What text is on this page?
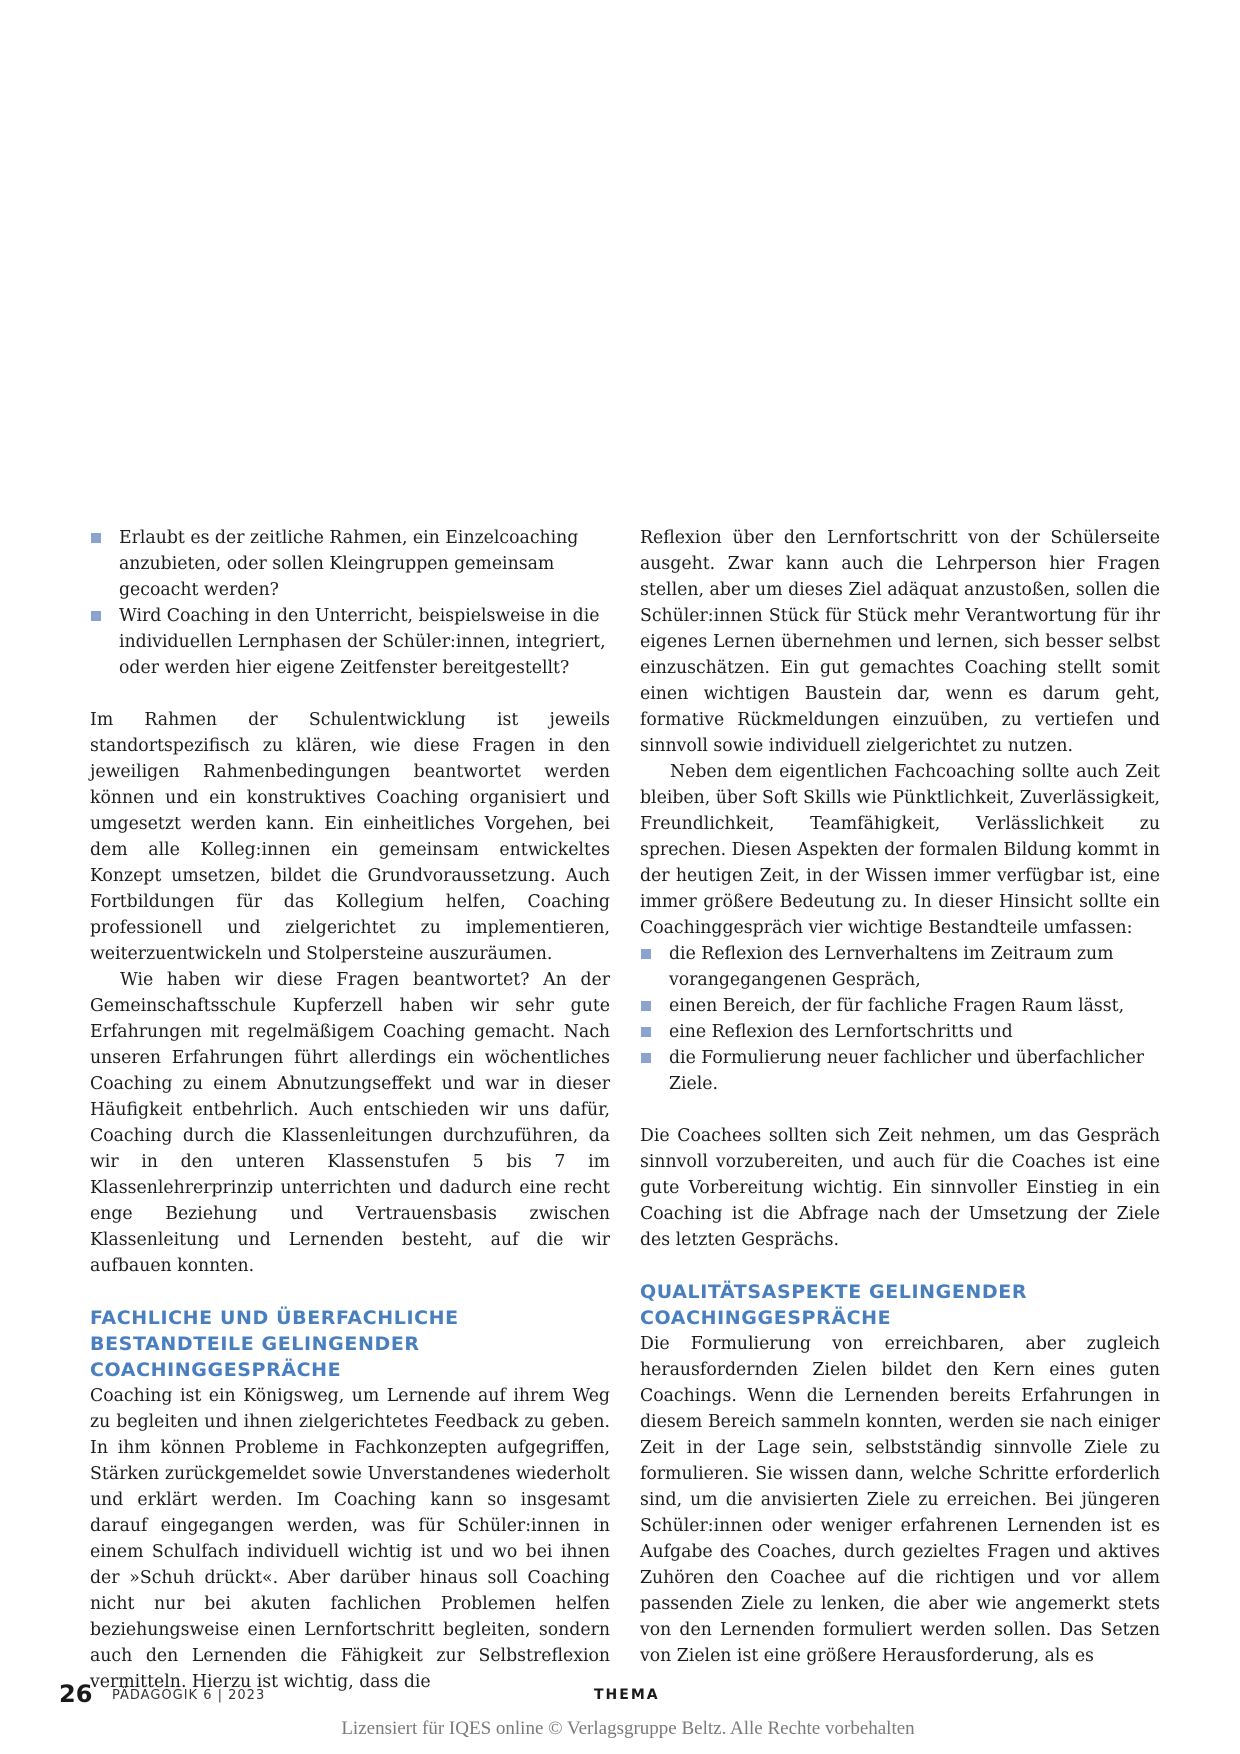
Erlaubt es der zeitliche Rahmen, ein Einzelcoaching anzubieten, oder sollen Kleingruppen gemeinsam gecoacht werden?
Wird Coaching in den Unterricht, beispielsweise in die individuellen Lernphasen der Schüler:innen, integriert, oder werden hier eigene Zeitfenster bereitgestellt?

Im Rahmen der Schulentwicklung ist jeweils standortspezifisch zu klären, wie diese Fragen in den jeweiligen Rahmenbedingungen beantwortet werden können und ein konstruktives Coaching organisiert und umgesetzt werden kann. Ein einheitliches Vorgehen, bei dem alle Kolleg:innen ein gemeinsam entwickeltes Konzept umsetzen, bildet die Grundvoraussetzung. Auch Fortbildungen für das Kollegium helfen, Coaching professionell und zielgerichtet zu implementieren, weiterzuentwickeln und Stolpersteine auszuräumen.

Wie haben wir diese Fragen beantwortet? An der Gemeinschaftsschule Kupferzell haben wir sehr gute Erfahrungen mit regelmäßigem Coaching gemacht. Nach unseren Erfahrungen führt allerdings ein wöchentliches Coaching zu einem Abnutzungseffekt und war in dieser Häufigkeit entbehrlich. Auch entschieden wir uns dafür, Coaching durch die Klassenleitungen durchzuführen, da wir in den unteren Klassenstufen 5 bis 7 im Klassenlehrerprinzip unterrichten und dadurch eine recht enge Beziehung und Vertrauensbasis zwischen Klassenleitung und Lernenden besteht, auf die wir aufbauen konnten.

FACHLICHE UND ÜBERFACHLICHE BESTANDTEILE GELINGENDER COACHINGGESPRÄCHE

Coaching ist ein Königsweg, um Lernende auf ihrem Weg zu begleiten und ihnen zielgerichtetes Feedback zu geben. In ihm können Probleme in Fachkonzepten aufgegriffen, Stärken zurückgemeldet sowie Unverstandenes wiederholt und erklärt werden. Im Coaching kann so insgesamt darauf eingegangen werden, was für Schüler:innen in einem Schulfach individuell wichtig ist und wo bei ihnen der »Schuh drückt«. Aber darüber hinaus soll Coaching nicht nur bei akuten fachlichen Problemen helfen beziehungsweise einen Lernfortschritt begleiten, sondern auch den Lernenden die Fähigkeit zur Selbstreflexion vermitteln. Hierzu ist wichtig, dass die

Reflexion über den Lernfortschritt von der Schülerseite ausgeht. Zwar kann auch die Lehrperson hier Fragen stellen, aber um dieses Ziel adäquat anzustoßen, sollen die Schüler:innen Stück für Stück mehr Verantwortung für ihr eigenes Lernen übernehmen und lernen, sich besser selbst einzuschätzen. Ein gut gemachtes Coaching stellt somit einen wichtigen Baustein dar, wenn es darum geht, formative Rückmeldungen einzuüben, zu vertiefen und sinnvoll sowie individuell zielgerichtet zu nutzen.

Neben dem eigentlichen Fachcoaching sollte auch Zeit bleiben, über Soft Skills wie Pünktlichkeit, Zuverlässigkeit, Freundlichkeit, Teamfähigkeit, Verlässlichkeit zu sprechen. Diesen Aspekten der formalen Bildung kommt in der heutigen Zeit, in der Wissen immer verfügbar ist, eine immer größere Bedeutung zu. In dieser Hinsicht sollte ein Coachinggespräch vier wichtige Bestandteile umfassen:

die Reflexion des Lernverhaltens im Zeitraum zum vorangegangenen Gespräch,
einen Bereich, der für fachliche Fragen Raum lässt,
eine Reflexion des Lernfortschritts und
die Formulierung neuer fachlicher und überfachlicher Ziele.

Die Coachees sollten sich Zeit nehmen, um das Gespräch sinnvoll vorzubereiten, und auch für die Coaches ist eine gute Vorbereitung wichtig. Ein sinnvoller Einstieg in ein Coaching ist die Abfrage nach der Umsetzung der Ziele des letzten Gesprächs.

QUALITÄTSASPEKTE GELINGENDER COACHINGGESPRÄCHE

Die Formulierung von erreichbaren, aber zugleich herausfordernden Zielen bildet den Kern eines guten Coachings. Wenn die Lernenden bereits Erfahrungen in diesem Bereich sammeln konnten, werden sie nach einiger Zeit in der Lage sein, selbstständig sinnvolle Ziele zu formulieren. Sie wissen dann, welche Schritte erforderlich sind, um die anvisierten Ziele zu erreichen. Bei jüngeren Schüler:innen oder weniger erfahrenen Lernenden ist es Aufgabe des Coaches, durch gezieltes Fragen und aktives Zuhören den Coachee auf die richtigen und vor allem passenden Ziele zu lenken, die aber wie angemerkt stets von den Lernenden formuliert werden sollen. Das Setzen von Zielen ist eine größere Herausforderung, als es

26 PÄDAGOGIK 6 | 2023	THEMA
Lizensiert für IQES online © Verlagsgruppe Beltz. Alle Rechte vorbehalten
